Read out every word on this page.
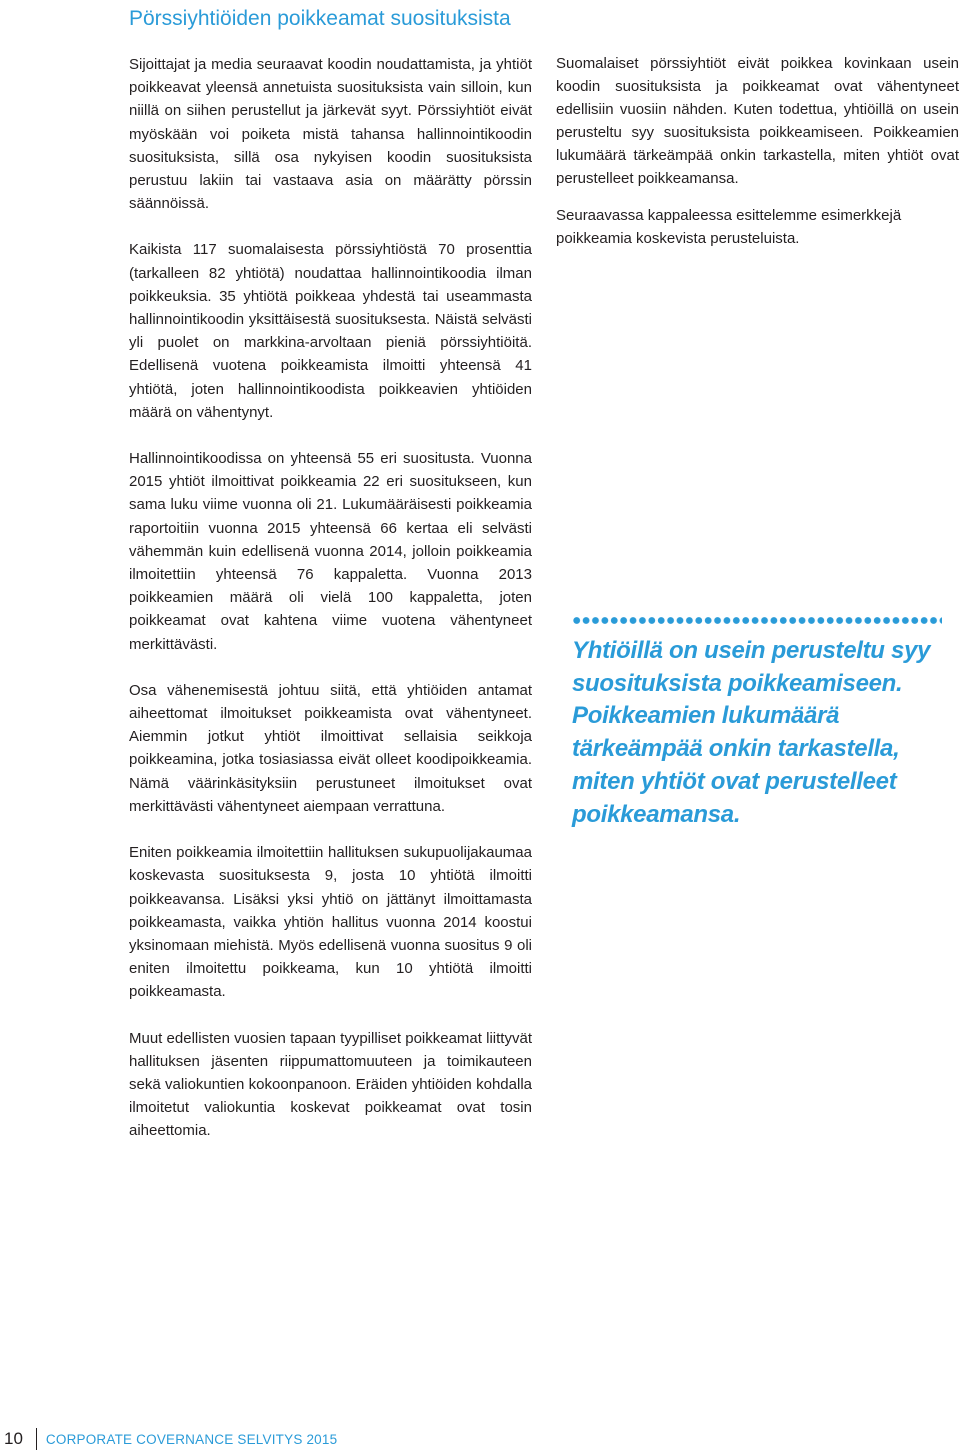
Pörssiyhtiöiden poikkeamat suosituksista

Sijoittajat ja media seuraavat koodin noudattamista, ja yhtiöt poikkeavat yleensä annetuista suosituksista vain silloin, kun niillä on siihen perustellut ja järkevät syyt. Pörssiyhtiöt eivät myöskään voi poiketa mistä tahansa hallinnointikoodin suosituksista, sillä osa nykyisen koodin suosituksista perustuu lakiin tai vastaava asia on määrätty pörssin säännöissä.

Kaikista 117 suomalaisesta pörssiyhtiöstä 70 prosenttia (tarkalleen 82 yhtiötä) noudattaa hallinnointikoodia ilman poikkeuksia. 35 yhtiötä poikkeaa yhdestä tai useammasta hallinnointikoodin yksittäisestä suosituksesta. Näistä selvästi yli puolet on markkina-arvoltaan pieniä pörssiyhtiöitä. Edellisenä vuotena poikkeamista ilmoitti yhteensä 41 yhtiötä, joten hallinnointikoodista poikkeavien yhtiöiden määrä on vähentynyt.

Hallinnointikoodissa on yhteensä 55 eri suositusta. Vuonna 2015 yhtiöt ilmoittivat poikkeamia 22 eri suositukseen, kun sama luku viime vuonna oli 21. Lukumääräisesti poikkeamia raportoitiin vuonna 2015 yhteensä 66 kertaa eli selvästi vähemmän kuin edellisenä vuonna 2014, jolloin poikkeamia ilmoitettiin yhteensä 76 kappaletta. Vuonna 2013 poikkeamien määrä oli vielä 100 kappaletta, joten poikkeamat ovat kahtena viime vuotena vähentyneet merkittävästi.

Osa vähenemisestä johtuu siitä, että yhtiöiden antamat aiheettomat ilmoitukset poikkeamista ovat vähentyneet. Aiemmin jotkut yhtiöt ilmoittivat sellaisia seikkoja poikkeamina, jotka tosiasiassa eivät olleet koodipoikkeamia. Nämä väärinkäsityksiin perustuneet ilmoitukset ovat merkittävästi vähentyneet aiempaan verrattuna.

Eniten poikkeamia ilmoitettiin hallituksen sukupuolijakaumaa koskevasta suosituksesta 9, josta 10 yhtiötä ilmoitti poikkeavansa. Lisäksi yksi yhtiö on jättänyt ilmoittamasta poikkeamasta, vaikka yhtiön hallitus vuonna 2014 koostui yksinomaan miehistä. Myös edellisenä vuonna suositus 9 oli eniten ilmoitettu poikkeama, kun 10 yhtiötä ilmoitti poikkeamasta.

Muut edellisten vuosien tapaan tyypilliset poikkeamat liittyvät hallituksen jäsenten riippumattomuuteen ja toimikauteen sekä valiokuntien kokoonpanoon. Eräiden yhtiöiden kohdalla ilmoitetut valiokuntia koskevat poikkeamat ovat tosin aiheettomia.

Suomalaiset pörssiyhtiöt eivät poikkea kovinkaan usein koodin suosituksista ja poikkeamat ovat vähentyneet edellisiin vuosiin nähden. Kuten todettua, yhtiöillä on usein perusteltu syy suosituksista poikkeamiseen. Poikkeamien lukumäärä tärkeämpää onkin tarkastella, miten yhtiöt ovat perustelleet poikkeamansa.

Seuraavassa kappaleessa esittelemme esimerkkejä poikkeamia koskevista perusteluista.

Yhtiöillä on usein perusteltu syy suosituksista poikkeamiseen. Poikkeamien lukumäärä tärkeämpää onkin tarkastella, miten yhtiöt ovat perustelleet poikkeamansa.

10 CORPORATE COVERNANCE SELVITYS 2015
